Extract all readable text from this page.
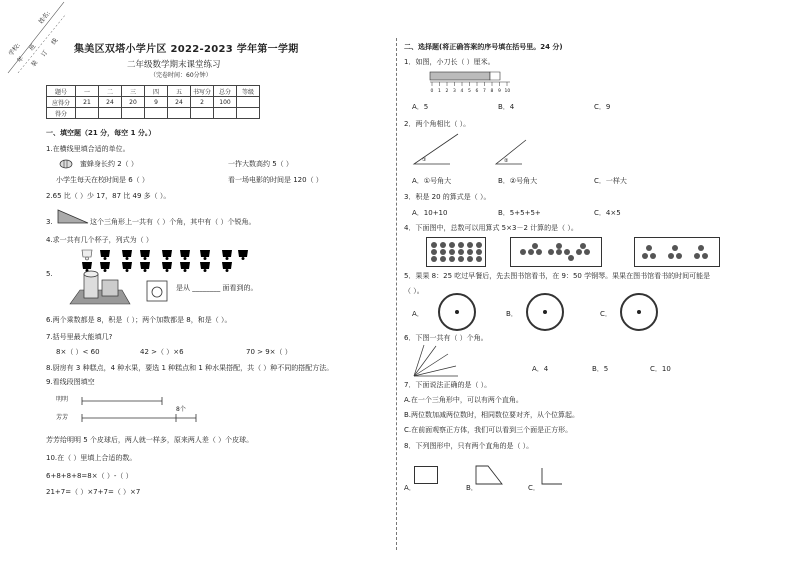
学校:
姓名:
年
班
装
订
线
集美区双塔小学片区 2022-2023 学年第一学期
二年级数学期末课堂练习
（完卷时间：60分钟）
题号	一	二	三	四	五	书写分	总分	等级
应得分	21	24	20	9	24	2	100	
得分								
一、填空题（21 分，每空 1 分。）
1.在横线里填合适的单位。
蜜蜂身长约 2（ ）	一拃大数高约 5（ ）
小学生每天在校时间是 6（ ）	看一场电影的时间是 120（ ）
2.65 比（ ）少 17，87 比 49 多（ ）。
3.	这个三角形上一共有（ ）个角，其中有（ ）个锐角。
4.求一共有几个杯子，列式为（ ）
5.
是从 ________ 面看到的。
6.两个乘数都是 8，积是（ ）；两个加数都是 8，和是（ ）。
7.括号里最大能填几?
8×（ ）< 60	42 >（ ）×6	70 > 9×（ ）
8.厨房有 3 种糕点，4 种水果，要选 1 种糕点和 1 种水果搭配，共（ ）种不同的搭配方法。
9.看线段图填空
明明
芳芳
8个
芳芳给明明 5 个皮球后，两人就一样多，原来两人差（ ）个皮球。
10.在（ ）里填上合适的数。
6+8+8+8=8×（ ）-（ ）
21+7=（ ）×7+7=（ ）×7
二、选择题(将正确答案的序号填在括号里。24 分)
1．如图，小刀长（ ）厘米。
0 1 2 3 4 5 6 7 8 9 10
A．5	B．4	C．9
2．两个角相比（ ）。
①	②
A．①号角大	B．②号角大	C．一样大
3．积是 20 的算式是（ ）。
A．10+10	B．5+5+5+	C．4×5
4．下面图中，总数可以用算式 5×3－2 计算的是（ ）。
5．果果 8：25 吃过早餐后，先去图书馆看书，在 9：50 学钢琴。果果在图书馆看书的时间可能是
（ ）。
A．	B．	C．
6．下图一共有（ ）个角。
A．4	B．5	C．10
7．下面说法正确的是（ ）。
A.在一个三角形中，可以有两个直角。
B.两位数加减两位数时，相同数位要对齐，从个位算起。
C.在前面观察正方体，我们可以看到三个面是正方形。
8．下列图形中，只有两个直角的是（ ）。
A．	B．	C．
